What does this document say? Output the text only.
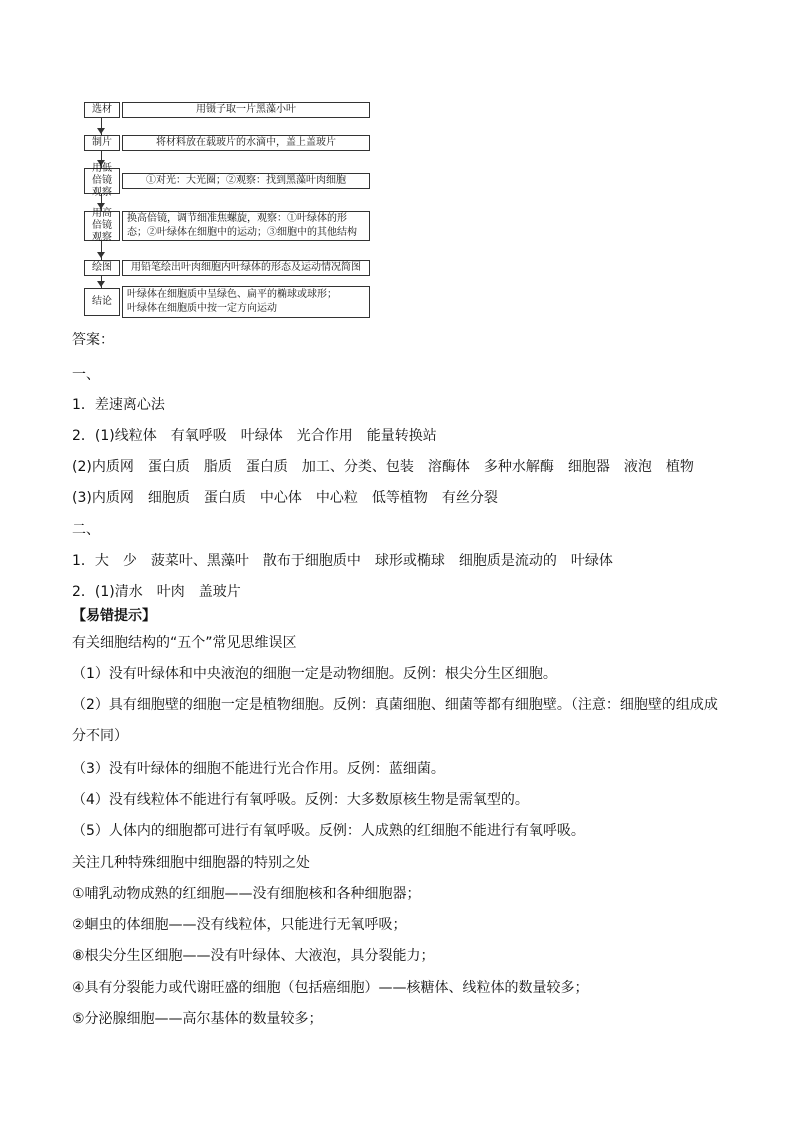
选材	用镊子取一片黑藻小叶
制片	将材料放在载玻片的水滴中，盖上盖玻片
用低倍镜观察
①对光：大光圈；②观察：找到黑藻叶肉细胞
用高倍镜观察
换高倍镜，调节细准焦螺旋，观察：①叶绿体的形
态；②叶绿体在细胞中的运动；③细胞中的其他结构
绘图 用铅笔绘出叶肉细胞内叶绿体的形态及运动情况简图
结论
叶绿体在细胞质中呈绿色、扁平的椭球或球形；
叶绿体在细胞质中按一定方向运动
答案：
一、
1．差速离心法
2．(1)线粒体　有氧呼吸　叶绿体　光合作用　能量转换站
(2)内质网　蛋白质　脂质　蛋白质　加工、分类、包装　溶酶体　多种水解酶　细胞器　液泡　植物
(3)内质网　细胞质　蛋白质　中心体　中心粒　低等植物　有丝分裂
二、
1．大　少　菠菜叶、黑藻叶　散布于细胞质中　球形或椭球　细胞质是流动的　叶绿体
2．(1)清水　叶肉　盖玻片
【易错提示】
有关细胞结构的“五个”常见思维误区
（1）没有叶绿体和中央液泡的细胞一定是动物细胞。反例：根尖分生区细胞。
（2）具有细胞壁的细胞一定是植物细胞。反例：真菌细胞、细菌等都有细胞壁。（注意：细胞壁的组成成
分不同）
（3）没有叶绿体的细胞不能进行光合作用。反例：蓝细菌。
（4）没有线粒体不能进行有氧呼吸。反例：大多数原核生物是需氧型的。
（5）人体内的细胞都可进行有氧呼吸。反例：人成熟的红细胞不能进行有氧呼吸。
关注几种特殊细胞中细胞器的特别之处
①哺乳动物成熟的红细胞——没有细胞核和各种细胞器；
②蛔虫的体细胞——没有线粒体，只能进行无氧呼吸；
⑧根尖分生区细胞——没有叶绿体、大液泡，具分裂能力；
④具有分裂能力或代谢旺盛的细胞（包括癌细胞）——核糖体、线粒体的数量较多；
⑤分泌腺细胞——高尔基体的数量较多；
